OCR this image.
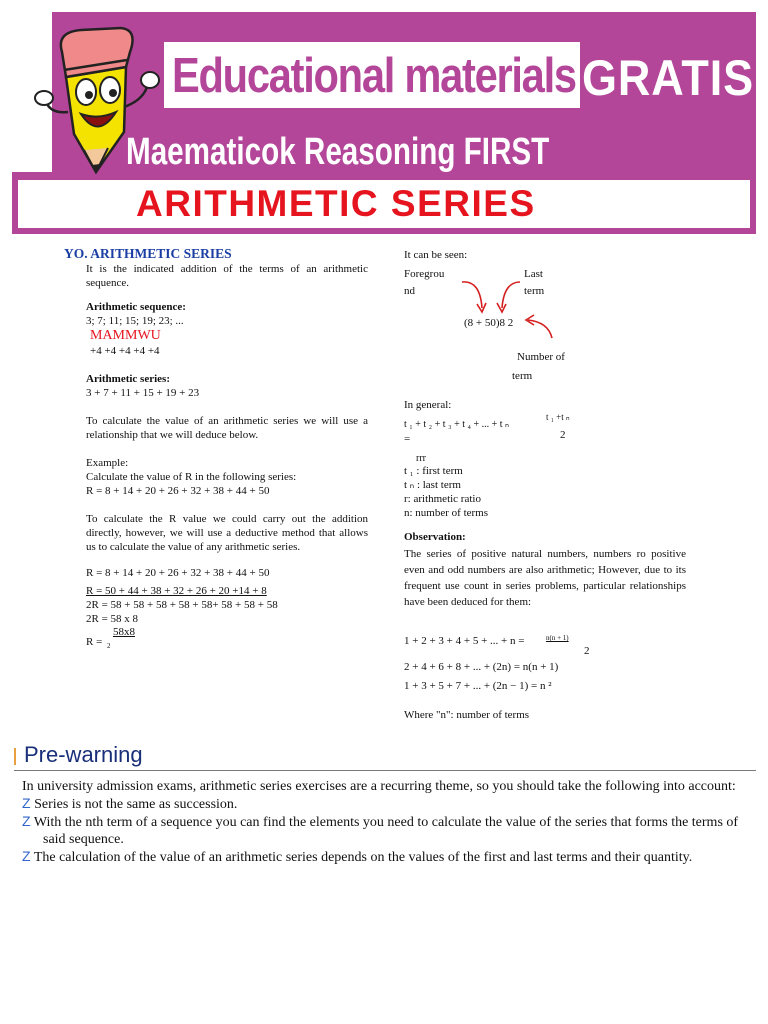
Educational materials GRATIS
Maematicok Reasoning FIRST
ARITHMETIC SERIES
YO. ARITHMETIC SERIES

It is the indicated addition of the terms of an arithmetic sequence.

Arithmetic sequence:

3; 7; 11; 15; 19; 23; ...

MAMMWU

+4 +4 +4 +4 +4

Arithmetic series:

3 + 7 + 11 + 15 + 19 + 23

To calculate the value of an arithmetic series we will use a relationship that we will deduce below.

Example:

Calculate the value of R in the following series:

R = 8 + 14 + 20 + 26 + 32 + 38 + 44 + 50

To calculate the R value we could carry out the addition directly, however, we will use a deductive method that allows us to calculate the value of any arithmetic series.

R = 8 + 14 + 20 + 26 + 32 + 38 + 44 + 50

R = 50 + 44 + 38 + 32 + 26 + 20 +14 + 8

2R = 58 + 58 + 58 + 58 + 58+ 58 + 58 + 58

2R = 58 x 8

58x8
R = 2
It can be seen:
Foregrou
nd
Last
term
(8 + 50)8 2
Number of
term
In general:
t ₁ +t ₙ
t ₁ + t ₂ + t ₃ + t ₄ + ... + t ₙ
2
=
rrr
t ₁ : first term
t ₙ : last term
r: arithmetic ratio
n: number of terms
Observation:

The series of positive natural numbers, numbers ro positive even and odd numbers are also arithmetic; However, due to its frequent use count in series problems, particular relationships have been deduced for them:

1 + 2 + 3 + 4 + 5 + ... + n =	n(n + 1)
2
2 + 4 + 6 + 8 + ... + (2n) = n(n + 1)
1 + 3 + 5 + 7 + ... + (2n − 1) = n ²
Where "n": number of terms
Pre-warning

In university admission exams, arithmetic series exercises are a recurring theme, so you should take the following into account:

Z Series is not the same as succession.

Z With the nth term of a sequence you can find the elements you need to calculate the value of the series that forms the terms of said sequence.

Z The calculation of the value of an arithmetic series depends on the values of the first and last terms and their quantity.
